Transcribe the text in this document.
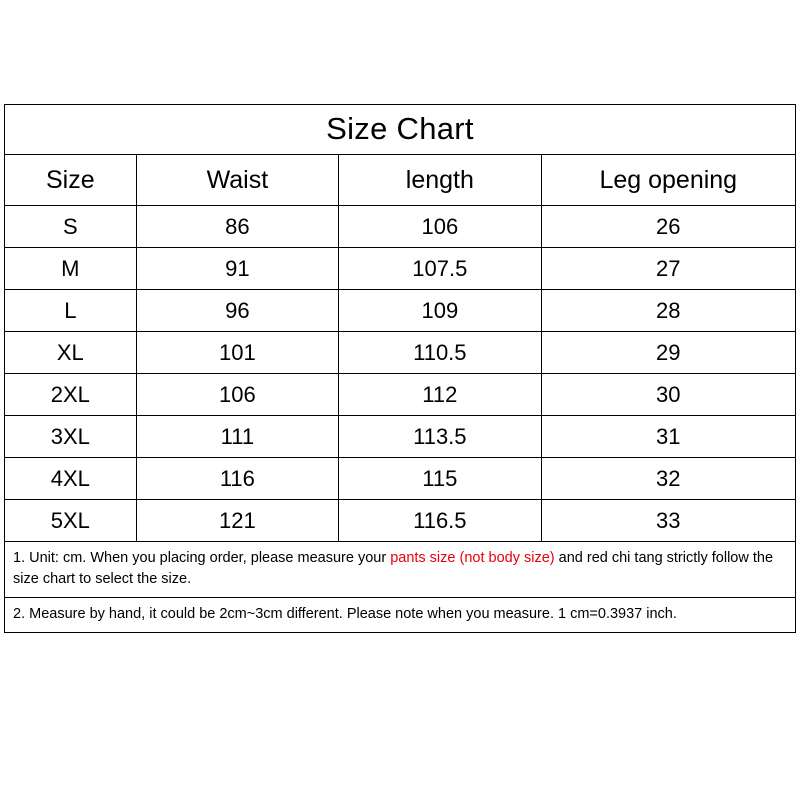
Size Chart
Size	Waist	length	Leg opening
S	86	106	26
M	91	107.5	27
L	96	109	28
XL	101	110.5	29
2XL	106	112	30
3XL	111	113.5	31
4XL	116	115	32
5XL	121	116.5	33
1. Unit: cm. When you placing order, please measure your pants size (not body size) and red chi tang strictly follow the size chart to select the size.
2. Measure by hand, it could be 2cm~3cm different. Please note when you measure. 1 cm=0.3937 inch.
